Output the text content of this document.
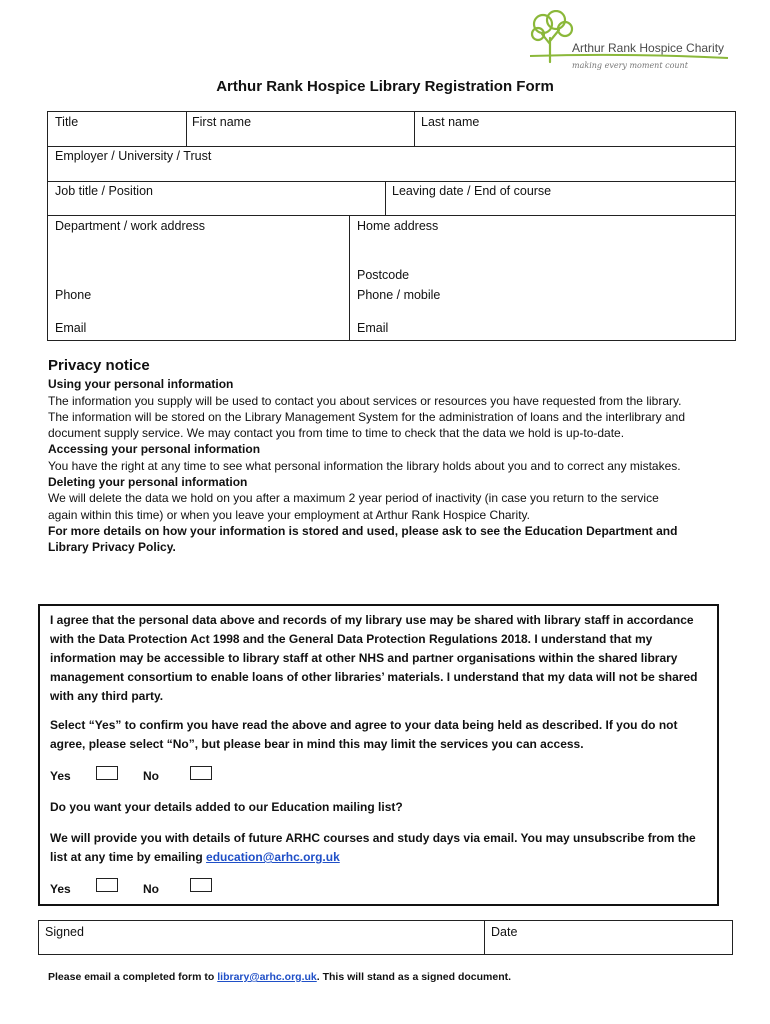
Arthur Rank Hospice Charity
making every moment count
Arthur Rank Hospice Library Registration Form
Title	First name	Last name
Employer / University / Trust
Job title / Position	Leaving date / End of course
Department / work address	Home address
Postcode
Phone	Phone / mobile
Email	Email
Privacy notice
Using your personal information

The information you supply will be used to contact you about services or resources you have requested from the library. The information will be stored on the Library Management System for the administration of loans and the interlibrary and document supply service. We may contact you from time to time to check that the data we hold is up-to-date.

Accessing your personal information

You have the right at any time to see what personal information the library holds about you and to correct any mistakes.

Deleting your personal information

We will delete the data we hold on you after a maximum 2 year period of inactivity (in case you return to the service again within this time) or when you leave your employment at Arthur Rank Hospice Charity.

For more details on how your information is stored and used, please ask to see the Education Department and Library Privacy Policy.
I agree that the personal data above and records of my library use may be shared with library staff in accordance with the Data Protection Act 1998 and the General Data Protection Regulations 2018. I understand that my information may be accessible to library staff at other NHS and partner organisations within the shared library management consortium to enable loans of other libraries’ materials. I understand that my data will not be shared with any third party.
Select “Yes” to confirm you have read the above and agree to your data being held as described. If you do not agree, please select “No”, but please bear in mind this may limit the services you can access.
Yes	No
Do you want your details added to our Education mailing list?
We will provide you with details of future ARHC courses and study days via email. You may unsubscribe from the list at any time by emailing education@arhc.org.uk
Yes	No
Signed	Date
Please email a completed form to library@arhc.org.uk. This will stand as a signed document.
